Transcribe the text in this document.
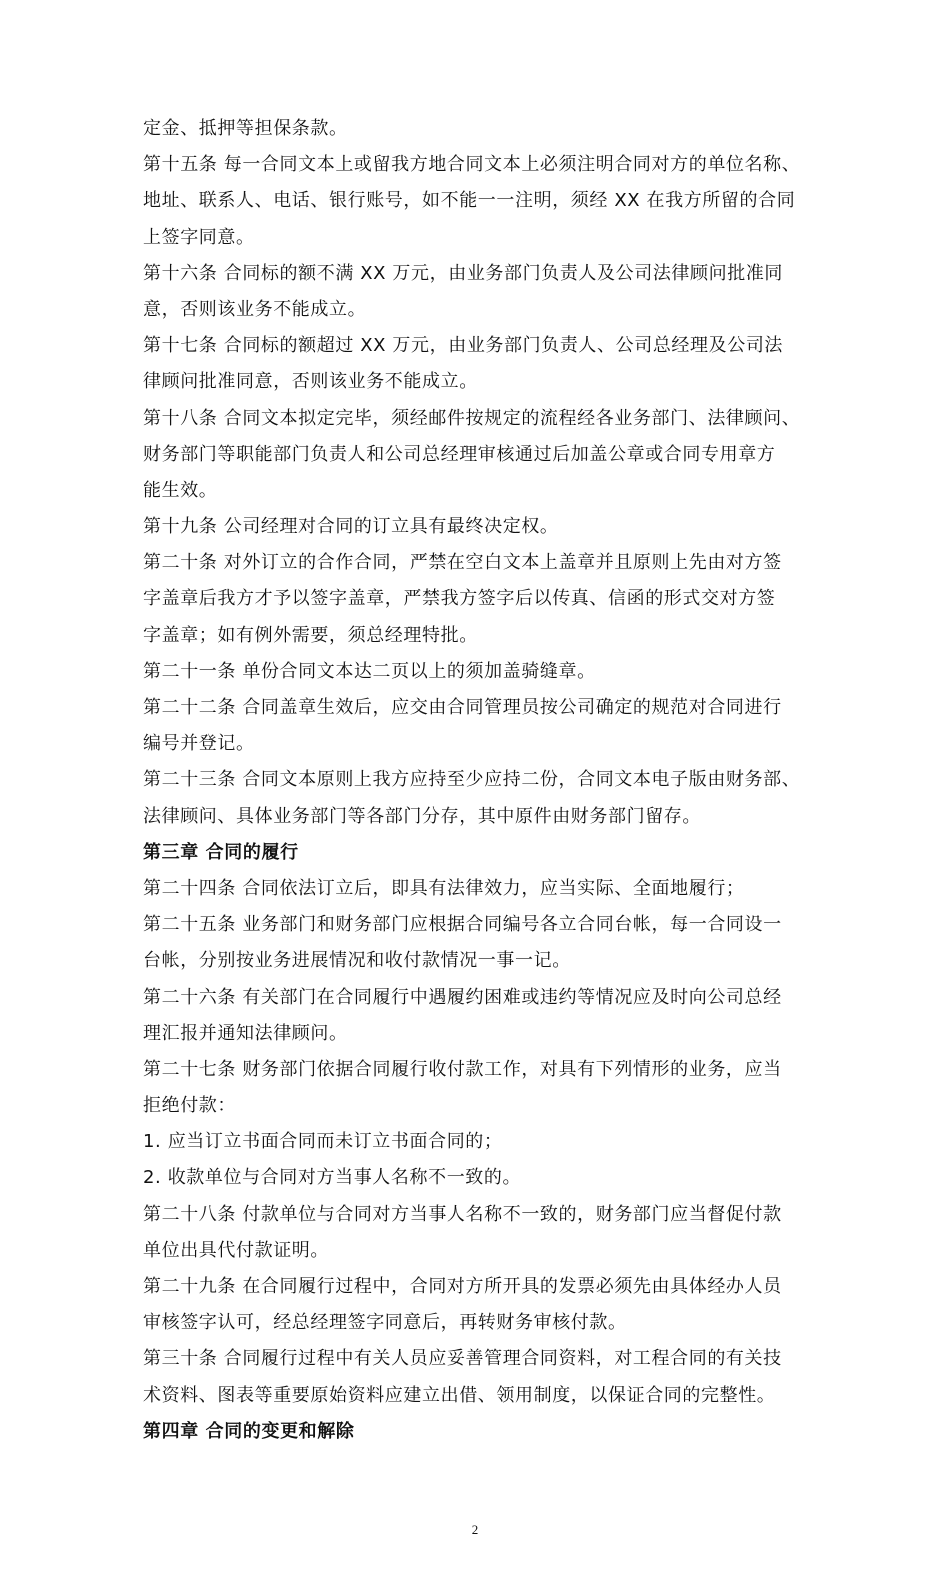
定金、抵押等担保条款。
第十五条 每一合同文本上或留我方地合同文本上必须注明合同对方的单位名称、
地址、联系人、电话、银行账号，如不能一一注明，须经 XX 在我方所留的合同
上签字同意。
第十六条 合同标的额不满 XX 万元，由业务部门负责人及公司法律顾问批准同
意，否则该业务不能成立。
第十七条 合同标的额超过 XX 万元，由业务部门负责人、公司总经理及公司法
律顾问批准同意，否则该业务不能成立。
第十八条 合同文本拟定完毕，须经邮件按规定的流程经各业务部门、法律顾问、
财务部门等职能部门负责人和公司总经理审核通过后加盖公章或合同专用章方
能生效。
第十九条 公司经理对合同的订立具有最终决定权。
第二十条 对外订立的合作合同，严禁在空白文本上盖章并且原则上先由对方签
字盖章后我方才予以签字盖章，严禁我方签字后以传真、信函的形式交对方签
字盖章；如有例外需要，须总经理特批。
第二十一条 单份合同文本达二页以上的须加盖骑缝章。
第二十二条 合同盖章生效后，应交由合同管理员按公司确定的规范对合同进行
编号并登记。
第二十三条 合同文本原则上我方应持至少应持二份，合同文本电子版由财务部、
法律顾问、具体业务部门等各部门分存，其中原件由财务部门留存。
第三章 合同的履行
第二十四条 合同依法订立后，即具有法律效力，应当实际、全面地履行；
第二十五条 业务部门和财务部门应根据合同编号各立合同台帐，每一合同设一
台帐，分别按业务进展情况和收付款情况一事一记。
第二十六条 有关部门在合同履行中遇履约困难或违约等情况应及时向公司总经
理汇报并通知法律顾问。
第二十七条 财务部门依据合同履行收付款工作，对具有下列情形的业务，应当
拒绝付款：
1. 应当订立书面合同而未订立书面合同的；
2. 收款单位与合同对方当事人名称不一致的。
第二十八条 付款单位与合同对方当事人名称不一致的，财务部门应当督促付款
单位出具代付款证明。
第二十九条 在合同履行过程中，合同对方所开具的发票必须先由具体经办人员
审核签字认可，经总经理签字同意后，再转财务审核付款。
第三十条 合同履行过程中有关人员应妥善管理合同资料，对工程合同的有关技
术资料、图表等重要原始资料应建立出借、领用制度，以保证合同的完整性。
第四章 合同的变更和解除
2
